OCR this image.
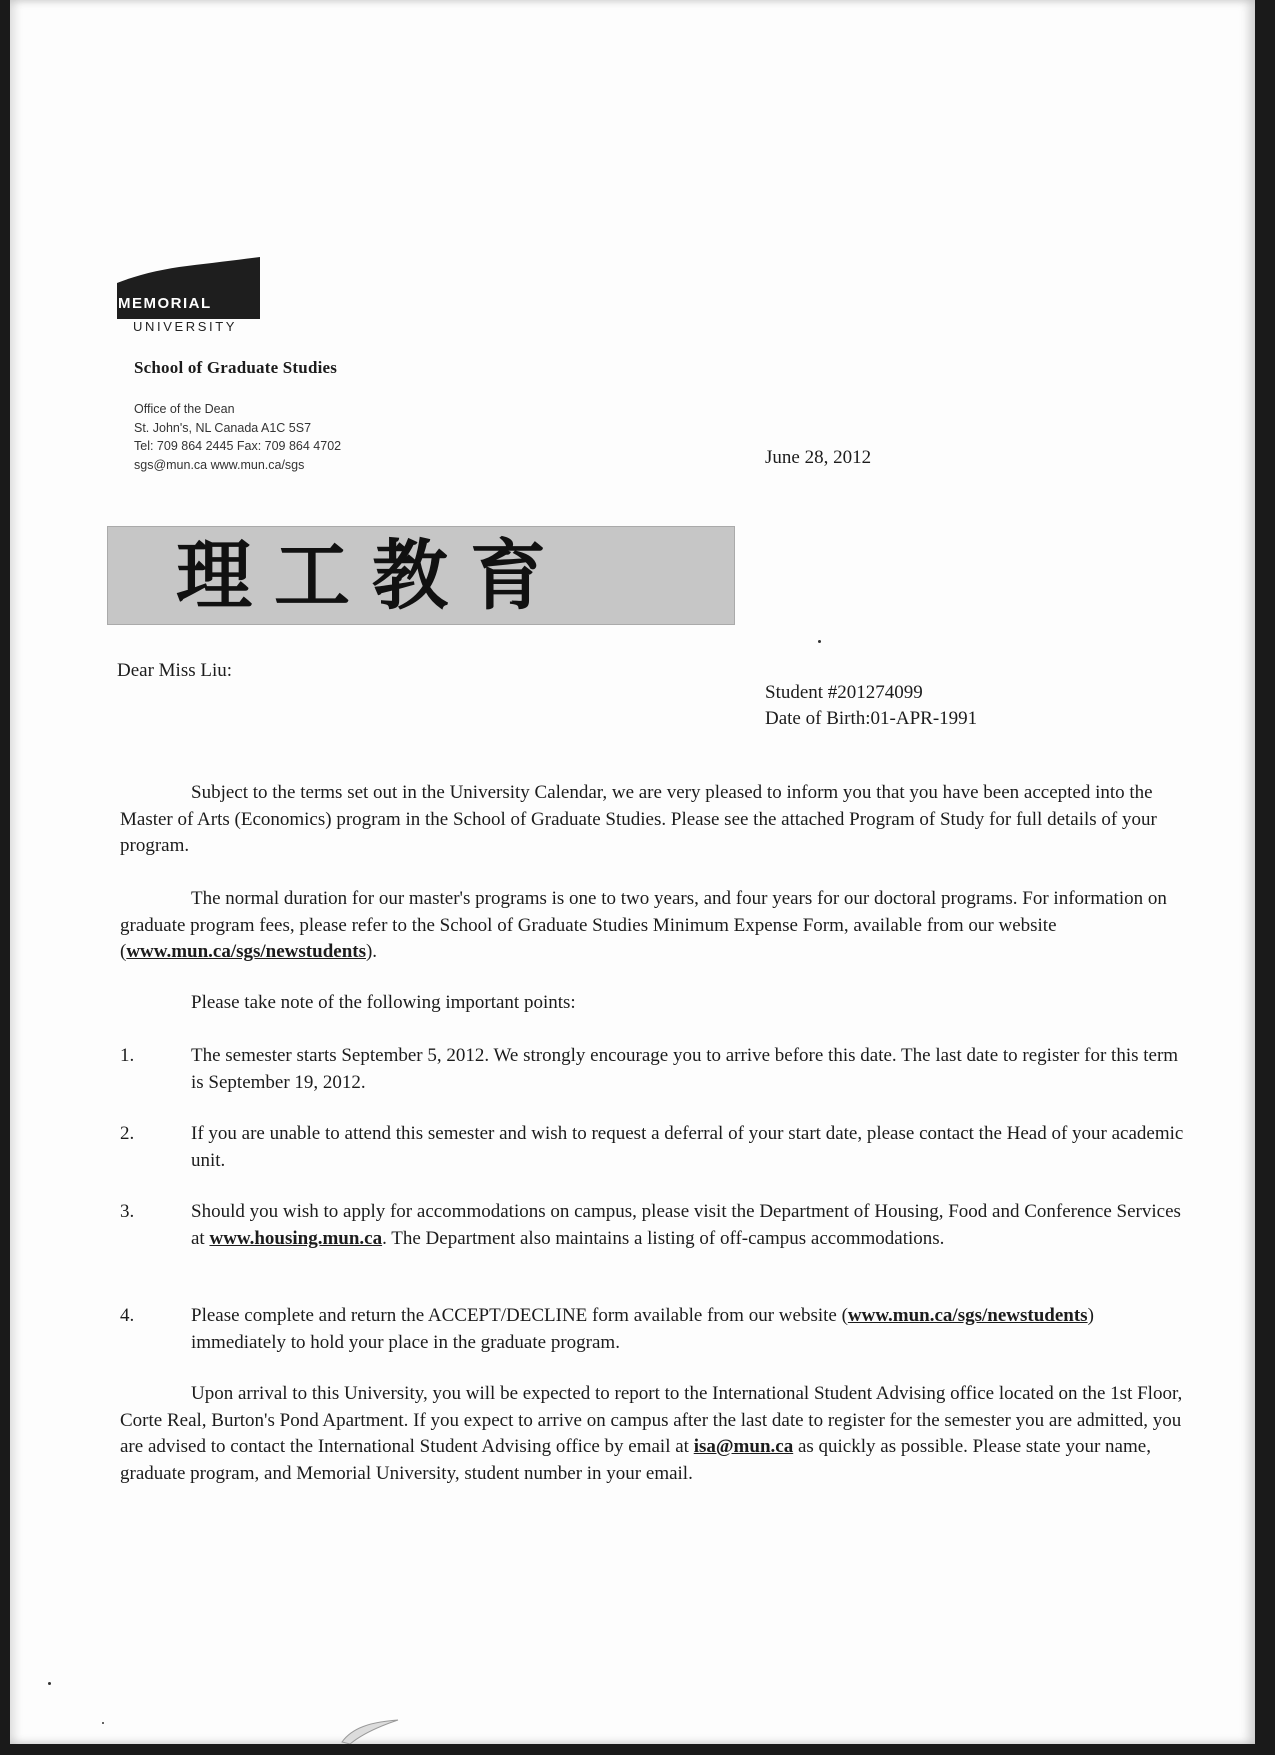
MEMORIAL
UNIVERSITY
School of Graduate Studies
Office of the Dean
St. John's, NL Canada A1C 5S7
Tel: 709 864 2445 Fax: 709 864 4702
sgs@mun.ca www.mun.ca/sgs	June 28, 2012
理工教育

Dear Miss Liu:
Student #201274099
Date of Birth:01-APR-1991
Subject to the terms set out in the University Calendar, we are very pleased to inform you that you have been accepted into the Master of Arts (Economics) program in the School of Graduate Studies. Please see the attached Program of Study for full details of your program.
The normal duration for our master's programs is one to two years, and four years for our doctoral programs. For information on graduate program fees, please refer to the School of Graduate Studies Minimum Expense Form, available from our website (www.mun.ca/sgs/newstudents).
Please take note of the following important points:
1.	The semester starts September 5, 2012. We strongly encourage you to arrive before this date. The last date to register for this term is September 19, 2012.
2.	If you are unable to attend this semester and wish to request a deferral of your start date, please contact the Head of your academic unit.
3.	Should you wish to apply for accommodations on campus, please visit the Department of Housing, Food and Conference Services at www.housing.mun.ca. The Department also maintains a listing of off-campus accommodations.
4.	Please complete and return the ACCEPT/DECLINE form available from our website (www.mun.ca/sgs/newstudents) immediately to hold your place in the graduate program.
Upon arrival to this University, you will be expected to report to the International Student Advising office located on the 1st Floor, Corte Real, Burton's Pond Apartment. If you expect to arrive on campus after the last date to register for the semester you are admitted, you are advised to contact the International Student Advising office by email at isa@mun.ca as quickly as possible. Please state your name, graduate program, and Memorial University, student number in your email.
